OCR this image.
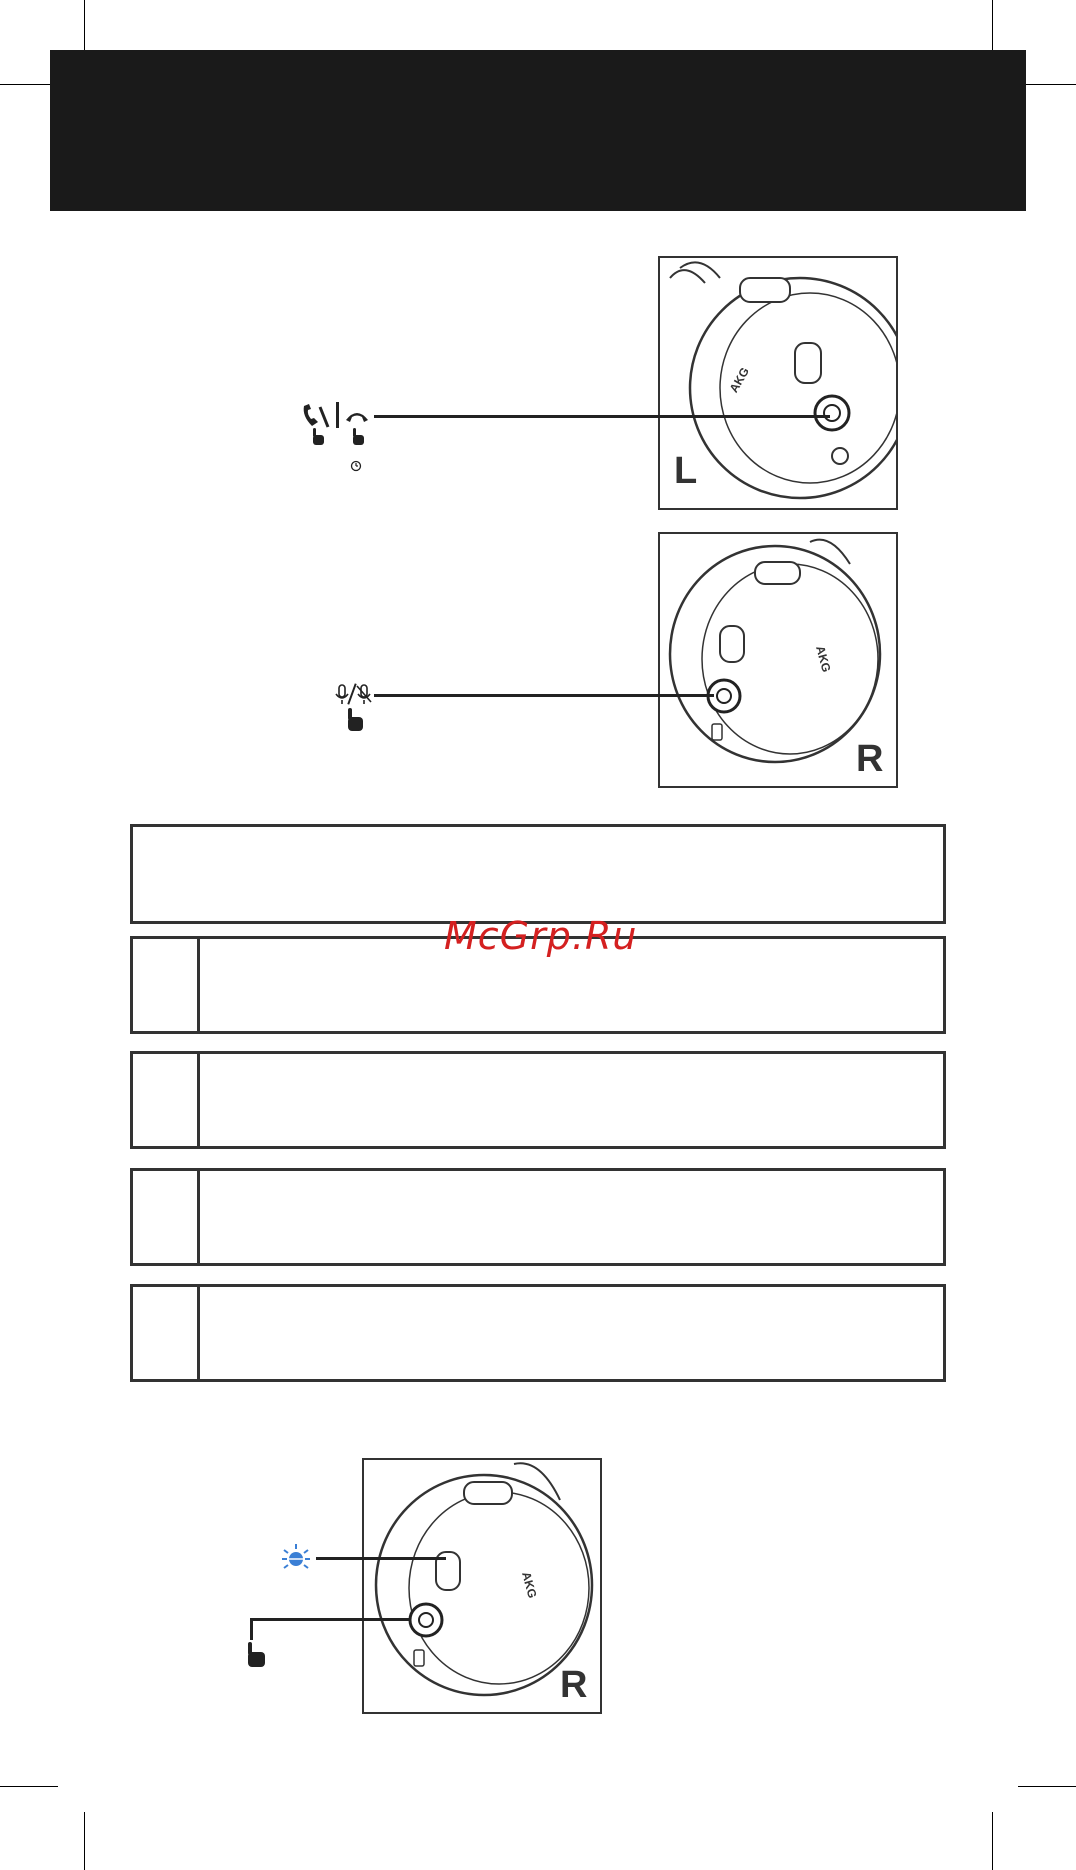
AKG
L
AKG
R
McGrp.Ru
AKG
R
